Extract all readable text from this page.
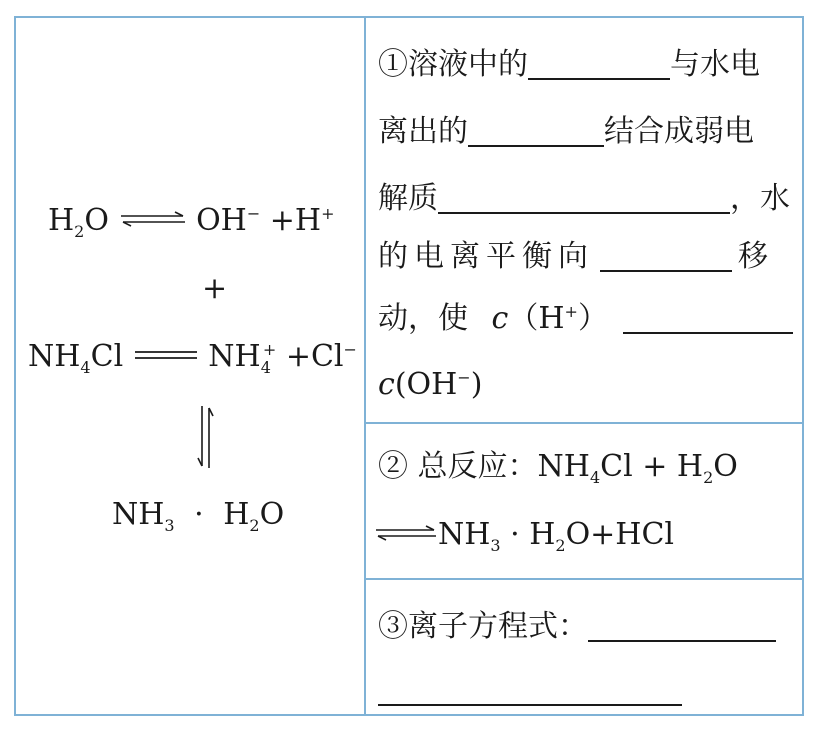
$H_2O$ ⇌ OH− +H+
+
$NH_4Cl$	$NH_4^+ +Cl^-$
$NH_3 \cdot H_2O$
①溶液中的	与水电
离出的	结合成弱电
解质	，水
的电离平衡向	移
动，使 c（H+）
c(OH−)
② 总反应：$NH_4Cl + H_2O$
$\rightleftharpoons NH_3 \cdot H_2O+HCl$
③离子方程式：
